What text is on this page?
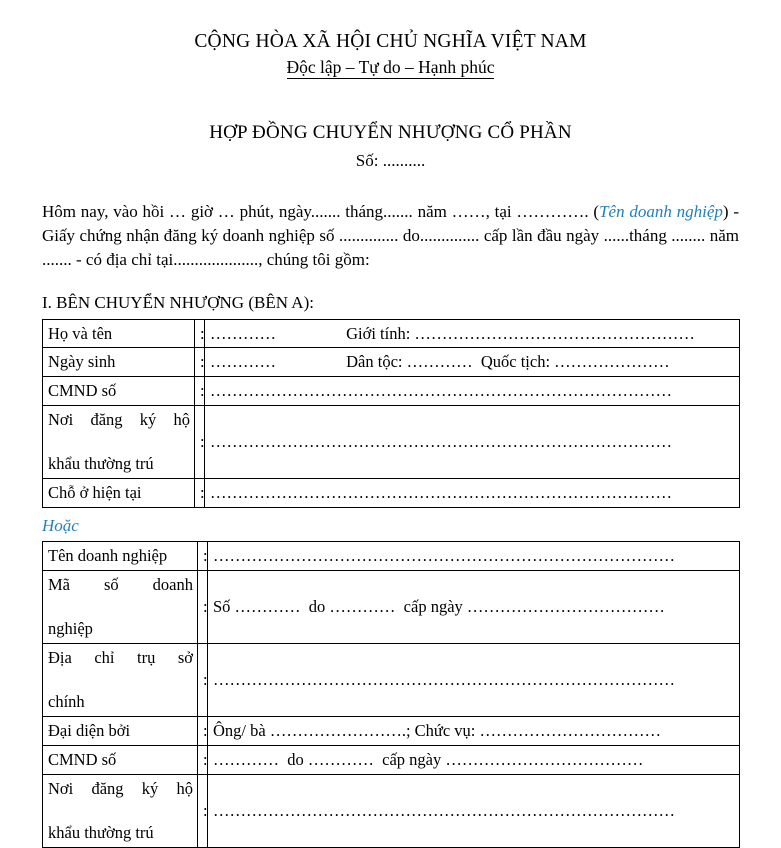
CỘNG HÒA XÃ HỘI CHỦ NGHĨA VIỆT NAM
Độc lập – Tự do – Hạnh phúc
HỢP ĐỒNG CHUYỂN NHƯỢNG CỔ PHẦN
Số: ..........

Hôm nay, vào hồi … giờ … phút, ngày....... tháng....... năm ……, tại …………. (Tên doanh nghiệp) - Giấy chứng nhận đăng ký doanh nghiệp số .............. do.............. cấp lần đầu ngày ......tháng ........ năm ....... - có địa chỉ tại...................., chúng tôi gồm:

I. BÊN CHUYỂN NHƯỢNG (BÊN A):
Họ và tên	:	…………                 Giới tính: ……………………………………………
Ngày sinh	:	…………                 Dân tộc: …………  Quốc tịch: …………………
CMND số	:	…………………………………………………………………………

Nơi đăng ký hộ
khẩu thường trú	:	…………………………………………………………………………
Chỗ ở hiện tại	:	…………………………………………………………………………
Hoặc
Tên doanh nghiệp	:	…………………………………………………………………………

Mã số doanh
nghiệp	:	Số …………  do …………  cấp ngày ………………………………

Địa chỉ trụ sở
chính	:	…………………………………………………………………………
Đại diện bởi	:	Ông/ bà …………………….; Chức vụ: ……………………………
CMND số	:	…………  do …………  cấp ngày ………………………………

Nơi đăng ký hộ
khẩu thường trú	:	…………………………………………………………………………
